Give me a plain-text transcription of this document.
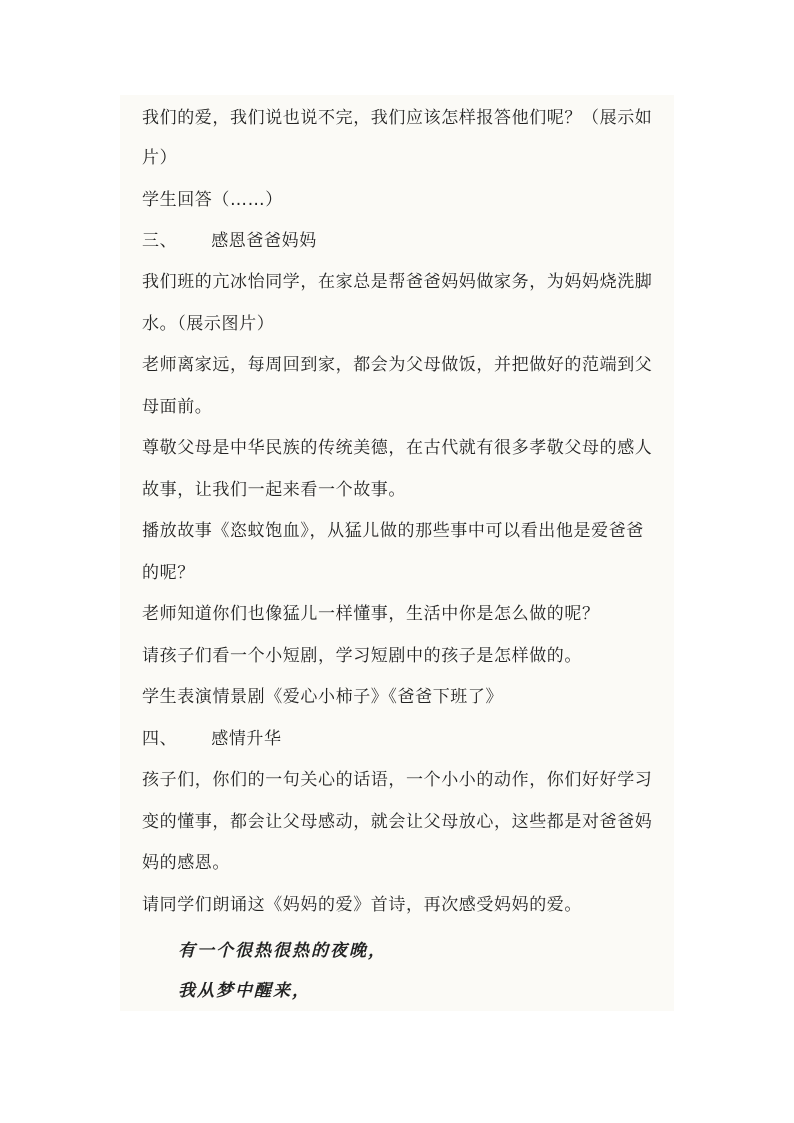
我们的爱，我们说也说不完，我们应该怎样报答他们呢？（展示如
片）
学生回答（……）
三、 感恩爸爸妈妈
我们班的亢冰怡同学，在家总是帮爸爸妈妈做家务，为妈妈烧洗脚
水。（展示图片）
老师离家远，每周回到家，都会为父母做饭，并把做好的范端到父
母面前。
尊敬父母是中华民族的传统美德，在古代就有很多孝敬父母的感人
故事，让我们一起来看一个故事。
播放故事《恣蚊饱血》，从猛儿做的那些事中可以看出他是爱爸爸
的呢？
老师知道你们也像猛儿一样懂事，生活中你是怎么做的呢？
请孩子们看一个小短剧，学习短剧中的孩子是怎样做的。
学生表演情景剧《爱心小柿子》《爸爸下班了》
四、 感情升华
孩子们，你们的一句关心的话语，一个小小的动作，你们好好学习
变的懂事，都会让父母感动，就会让父母放心，这些都是对爸爸妈
妈的感恩。
请同学们朗诵这《妈妈的爱》首诗，再次感受妈妈的爱。
有一个很热很热的夜晚，
我从梦中醒来，
